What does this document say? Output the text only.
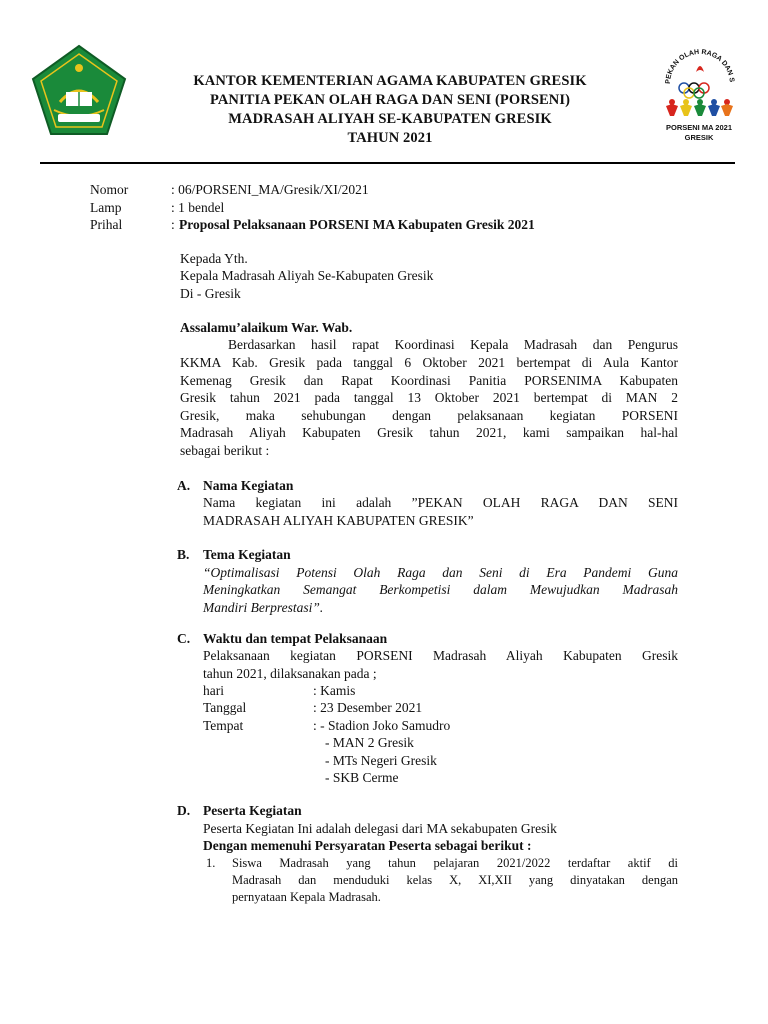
KANTOR KEMENTERIAN AGAMA KABUPATEN GRESIK
PANITIA PEKAN OLAH RAGA DAN SENI (PORSENI)
MADRASAH ALIYAH SE-KABUPATEN GRESIK
TAHUN 2021
PEKAN OLAH RAGA DAN S
PORSENI MA 2021
GRESIK
Nomor	: 06/PORSENI_MA/Gresik/XI/2021
Lamp	: 1 bendel
Prihal	: Proposal Pelaksanaan PORSENI MA Kabupaten Gresik 2021
Kepada Yth.
Kepala Madrasah Aliyah Se-Kabupaten Gresik
Di - Gresik
Assalamu’alaikum War. Wab.
Berdasarkan hasil rapat Koordinasi Kepala Madrasah dan Pengurus
KKMA Kab. Gresik pada tanggal 6 Oktober 2021 bertempat di Aula Kantor
Kemenag Gresik dan Rapat Koordinasi Panitia PORSENIMA Kabupaten
Gresik tahun 2021 pada tanggal 13 Oktober 2021 bertempat di MAN 2
Gresik, maka sehubungan dengan pelaksanaan kegiatan PORSENI
Madrasah Aliyah Kabupaten Gresik tahun 2021, kami sampaikan hal-hal
sebagai berikut :
A. Nama Kegiatan
Nama kegiatan ini adalah ”PEKAN OLAH RAGA DAN SENI
MADRASAH ALIYAH KABUPATEN GRESIK”
B. Tema Kegiatan
“Optimalisasi Potensi Olah Raga dan Seni di Era Pandemi Guna
Meningkatkan Semangat Berkompetisi dalam Mewujudkan Madrasah
Mandiri Berprestasi”.
C. Waktu dan tempat Pelaksanaan
Pelaksanaan kegiatan PORSENI Madrasah Aliyah Kabupaten Gresik
tahun 2021, dilaksanakan pada ;
hari	: Kamis
Tanggal	: 23 Desember 2021
Tempat	: - Stadion Joko Samudro
- MAN 2 Gresik
- MTs Negeri Gresik
- SKB Cerme
D. Peserta Kegiatan
Peserta Kegiatan Ini adalah delegasi dari MA sekabupaten Gresik
Dengan memenuhi Persyaratan Peserta sebagai berikut :
1. Siswa Madrasah yang tahun pelajaran 2021/2022 terdaftar aktif di
Madrasah dan menduduki kelas X, XI,XII yang dinyatakan dengan
pernyataan Kepala Madrasah.
